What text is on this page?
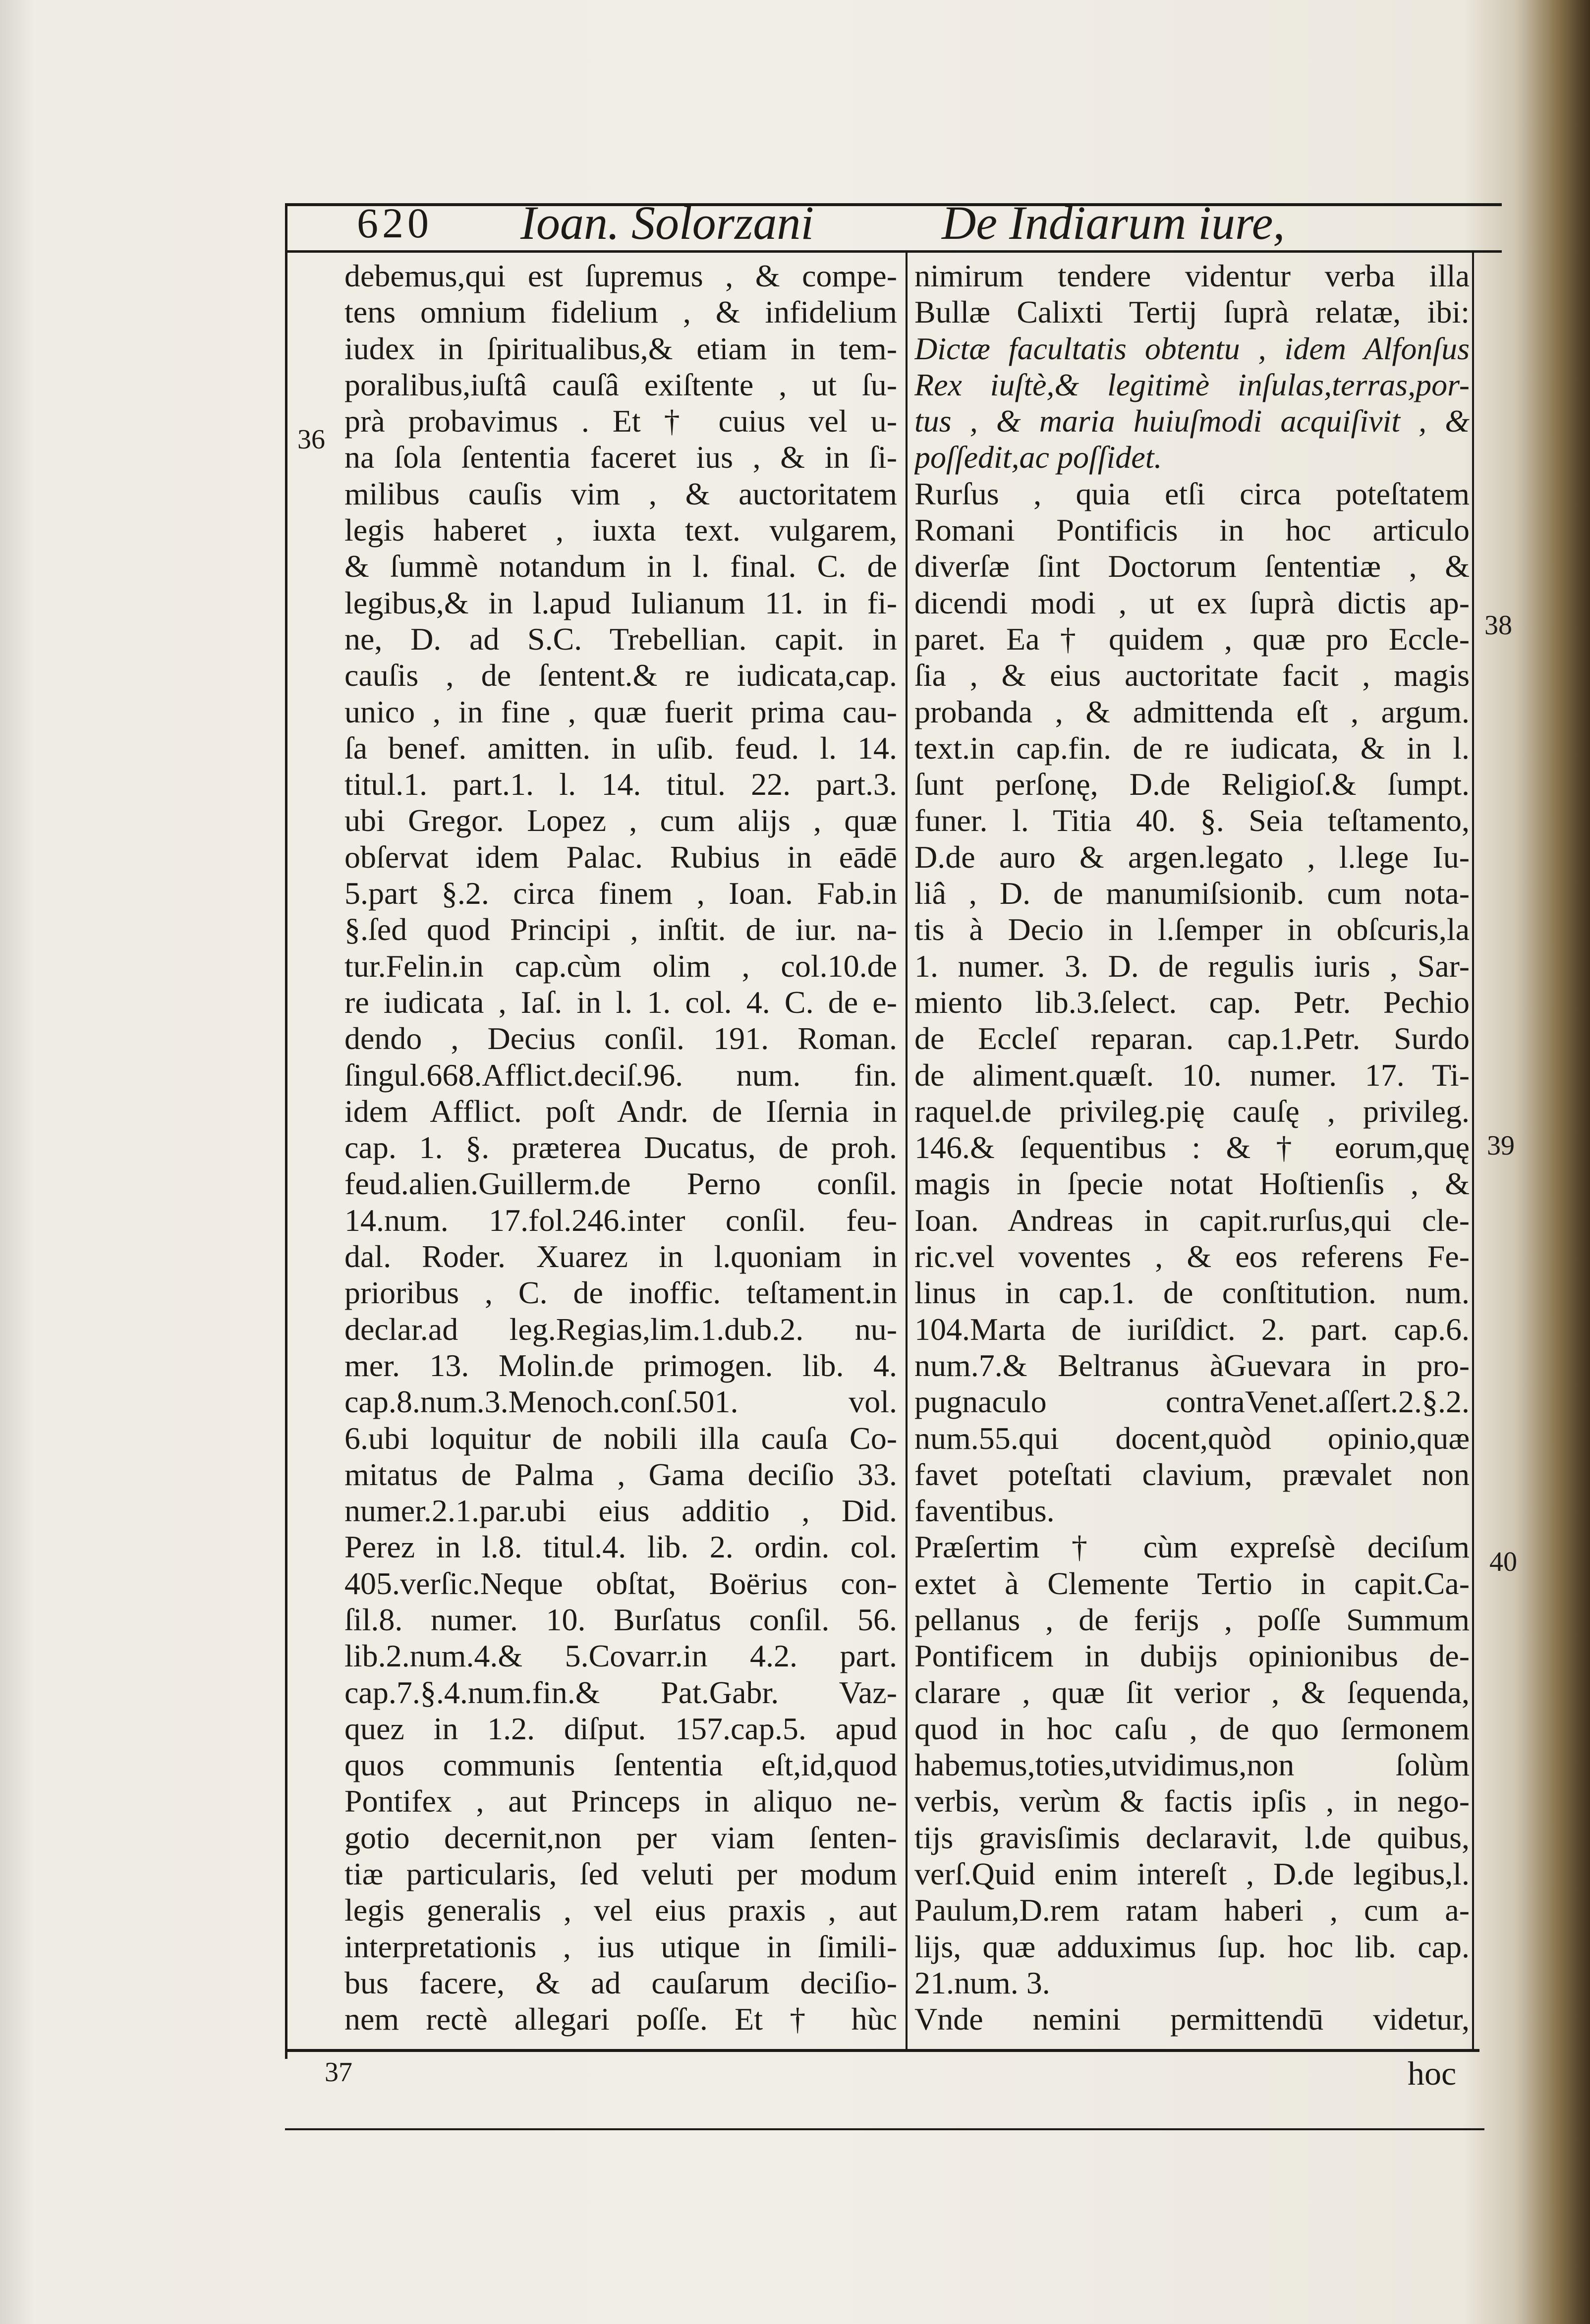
620 Ioan. Solorzani	De Indiarum iure,
36
37
38
39
40
debemus,qui est ſupremus , & compe-
tens omnium fidelium , & infidelium
iudex in ſpiritualibus,& etiam in tem-
poralibus,iuſtâ cauſâ exiſtente , ut ſu-
prà probavimus . Et † cuius vel u-
na ſola ſententia faceret ius , & in ſi-
milibus cauſis vim , & auctoritatem
legis haberet , iuxta text. vulgarem,
& ſummè notandum in l. final. C. de
legibus,& in l.apud Iulianum 11. in fi-
ne, D. ad S.C. Trebellian. capit. in
cauſis , de ſentent.& re iudicata,cap.
unico , in fine , quæ fuerit prima cau-
ſa benef. amitten. in uſib. feud. l. 14.
titul.1. part.1. l. 14. titul. 22. part.3.
ubi Gregor. Lopez , cum alijs , quæ
obſervat idem Palac. Rubius in eādē
5.part §.2. circa finem , Ioan. Fab.in
§.ſed quod Principi , inſtit. de iur. na-
tur.Felin.in cap.cùm olim , col.10.de
re iudicata , Iaſ. in l. 1. col. 4. C. de e-
dendo , Decius conſil. 191. Roman.
ſingul.668.Afflict.deciſ.96. num. fin.
idem Afflict. poſt Andr. de Iſernia in
cap. 1. §. præterea Ducatus, de proh.
feud.alien.Guillerm.de Perno conſil.
14.num. 17.fol.246.inter conſil. feu-
dal. Roder. Xuarez in l.quoniam in
prioribus , C. de inoffic. teſtament.in
declar.ad leg.Regias,lim.1.dub.2. nu-
mer. 13. Molin.de primogen. lib. 4.
cap.8.num.3.Menoch.conſ.501. vol.
6.ubi loquitur de nobili illa cauſa Co-
mitatus de Palma , Gama deciſio 33.
numer.2.1.par.ubi eius additio , Did.
Perez in l.8. titul.4. lib. 2. ordin. col.
405.verſic.Neque obſtat, Boërius con-
ſil.8. numer. 10. Burſatus conſil. 56.
lib.2.num.4.& 5.Covarr.in 4.2. part.
cap.7.§.4.num.fin.& Pat.Gabr. Vaz-
quez in 1.2. diſput. 157.cap.5. apud
quos communis ſententia eſt,id,quod
Pontifex , aut Princeps in aliquo ne-
gotio decernit,non per viam ſenten-
tiæ particularis, ſed veluti per modum
legis generalis , vel eius praxis , aut
interpretationis , ius utique in ſimili-
bus facere, & ad cauſarum deciſio-
nem rectè allegari poſſe. Et † hùc
nimirum tendere videntur verba illa
Bullæ Calixti Tertij ſuprà relatæ, ibi:
Dictæ facultatis obtentu , idem Alfonſus
Rex iuſtè,& legitimè inſulas,terras,por-
tus , & maria huiuſmodi acquiſivit , &
poſſedit,ac poſſidet.
Rurſus , quia etſi circa poteſtatem
Romani Pontificis in hoc articulo
diverſæ ſint Doctorum ſententiæ , &
dicendi modi , ut ex ſuprà dictis ap-
paret. Ea † quidem , quæ pro Eccle-
ſia , & eius auctoritate facit , magis
probanda , & admittenda eſt , argum.
text.in cap.fin. de re iudicata, & in l.
ſunt perſonę, D.de Religioſ.& ſumpt.
funer. l. Titia 40. §. Seia teſtamento,
D.de auro & argen.legato , l.lege Iu-
liâ , D. de manumiſsionib. cum nota-
tis à Decio in l.ſemper in obſcuris,la
1. numer. 3. D. de regulis iuris , Sar-
miento lib.3.ſelect. cap. Petr. Pechio
de Eccleſ reparan. cap.1.Petr. Surdo
de aliment.quæſt. 10. numer. 17. Ti-
raquel.de privileg.pię cauſę , privileg.
146.& ſequentibus : & † eorum,quę
magis in ſpecie notat Hoſtienſis , &
Ioan. Andreas in capit.rurſus,qui cle-
ric.vel voventes , & eos referens Fe-
linus in cap.1. de conſtitution. num.
104.Marta de iuriſdict. 2. part. cap.6.
num.7.& Beltranus àGuevara in pro-
pugnaculo contraVenet.aſſert.2.§.2.
num.55.qui docent,quòd opinio,quæ
favet poteſtati clavium, prævalet non
faventibus.
Præſertim † cùm expreſsè deciſum
extet à Clemente Tertio in capit.Ca-
pellanus , de ferijs , poſſe Summum
Pontificem in dubijs opinionibus de-
clarare , quæ ſit verior , & ſequenda,
quod in hoc caſu , de quo ſermonem
habemus,toties,utvidimus,non ſolùm
verbis, verùm & factis ipſis , in nego-
tijs gravisſimis declaravit, l.de quibus,
verſ.Quid enim intereſt , D.de legibus,l.
Paulum,D.rem ratam haberi , cum a-
lijs, quæ adduximus ſup. hoc lib. cap.
21.num. 3.
Vnde nemini permittendū videtur,
hoc
